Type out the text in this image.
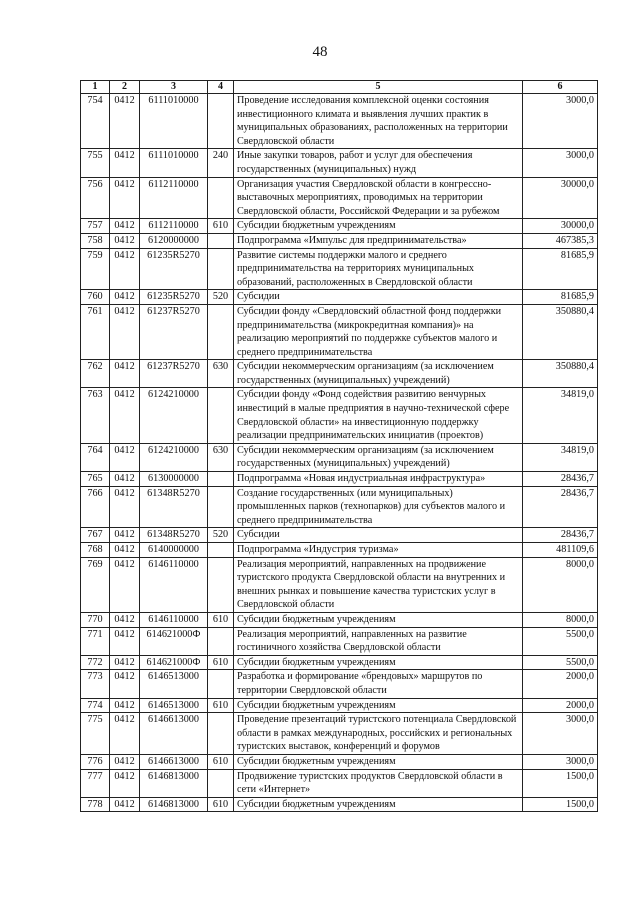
48
1	2	3	4	5	6
754	0412	6111010000		Проведение исследования комплексной оценки состояния инвестиционного климата и выявления лучших практик в муниципальных образованиях, расположенных на территории Свердловской области	3000,0
755	0412	6111010000	240	Иные закупки товаров, работ и услуг для обеспечения государственных (муниципальных) нужд	3000,0
756	0412	6112110000		Организация участия Свердловской области в конгрессно-выставочных мероприятиях, проводимых на территории Свердловской области, Российской Федерации и за рубежом	30000,0
757	0412	6112110000	610	Субсидии бюджетным учреждениям	30000,0
758	0412	6120000000		Подпрограмма «Импульс для предпринимательства»	467385,3
759	0412	61235R5270		Развитие системы поддержки малого и среднего предпринимательства на территориях муниципальных образований, расположенных в Свердловской области	81685,9
760	0412	61235R5270	520	Субсидии	81685,9
761	0412	61237R5270		Субсидии фонду «Свердловский областной фонд поддержки предпринимательства (микрокредитная компания)» на реализацию мероприятий по поддержке субъектов малого и среднего предпринимательства	350880,4
762	0412	61237R5270	630	Субсидии некоммерческим организациям (за исключением государственных (муниципальных) учреждений)	350880,4
763	0412	6124210000		Субсидии фонду «Фонд содействия развитию венчурных инвестиций в малые предприятия в научно-технической сфере Свердловской области» на инвестиционную поддержку реализации предпринимательских инициатив (проектов)	34819,0
764	0412	6124210000	630	Субсидии некоммерческим организациям (за исключением государственных (муниципальных) учреждений)	34819,0
765	0412	6130000000		Подпрограмма «Новая индустриальная инфраструктура»	28436,7
766	0412	61348R5270		Создание государственных (или муниципальных) промышленных парков (технопарков) для субъектов малого и среднего предпринимательства	28436,7
767	0412	61348R5270	520	Субсидии	28436,7
768	0412	6140000000		Подпрограмма «Индустрия туризма»	481109,6
769	0412	6146110000		Реализация мероприятий, направленных на продвижение туристского продукта Свердловской области на внутренних и внешних рынках и повышение качества туристских услуг в Свердловской области	8000,0
770	0412	6146110000	610	Субсидии бюджетным учреждениям	8000,0
771	0412	614621000Ф		Реализация мероприятий, направленных на развитие гостиничного хозяйства Свердловской области	5500,0
772	0412	614621000Ф	610	Субсидии бюджетным учреждениям	5500,0
773	0412	6146513000		Разработка и формирование «брендовых» маршрутов по территории Свердловской области	2000,0
774	0412	6146513000	610	Субсидии бюджетным учреждениям	2000,0
775	0412	6146613000		Проведение презентаций туристского потенциала Свердловской области в рамках международных, российских и региональных туристских выставок, конференций и форумов	3000,0
776	0412	6146613000	610	Субсидии бюджетным учреждениям	3000,0
777	0412	6146813000		Продвижение туристских продуктов Свердловской области в сети «Интернет»	1500,0
778	0412	6146813000	610	Субсидии бюджетным учреждениям	1500,0
